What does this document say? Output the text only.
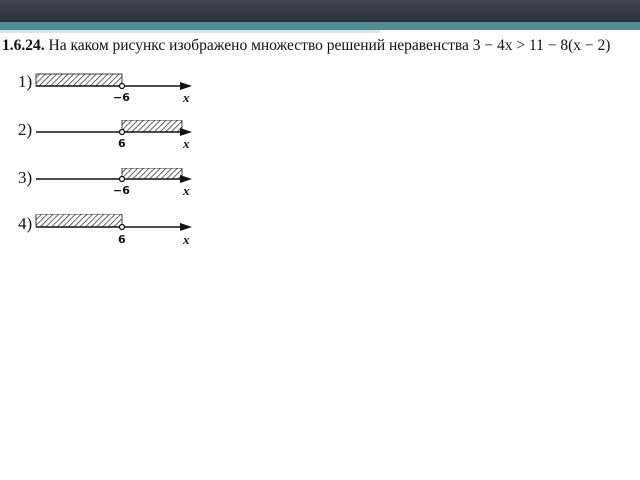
1.6.24. На каком рисункс изображено множество решений неравенства 3 − 4x > 11 − 8(x − 2)
1)
−6	x
2)
6	x
3)
−6	x
4)
6	x
